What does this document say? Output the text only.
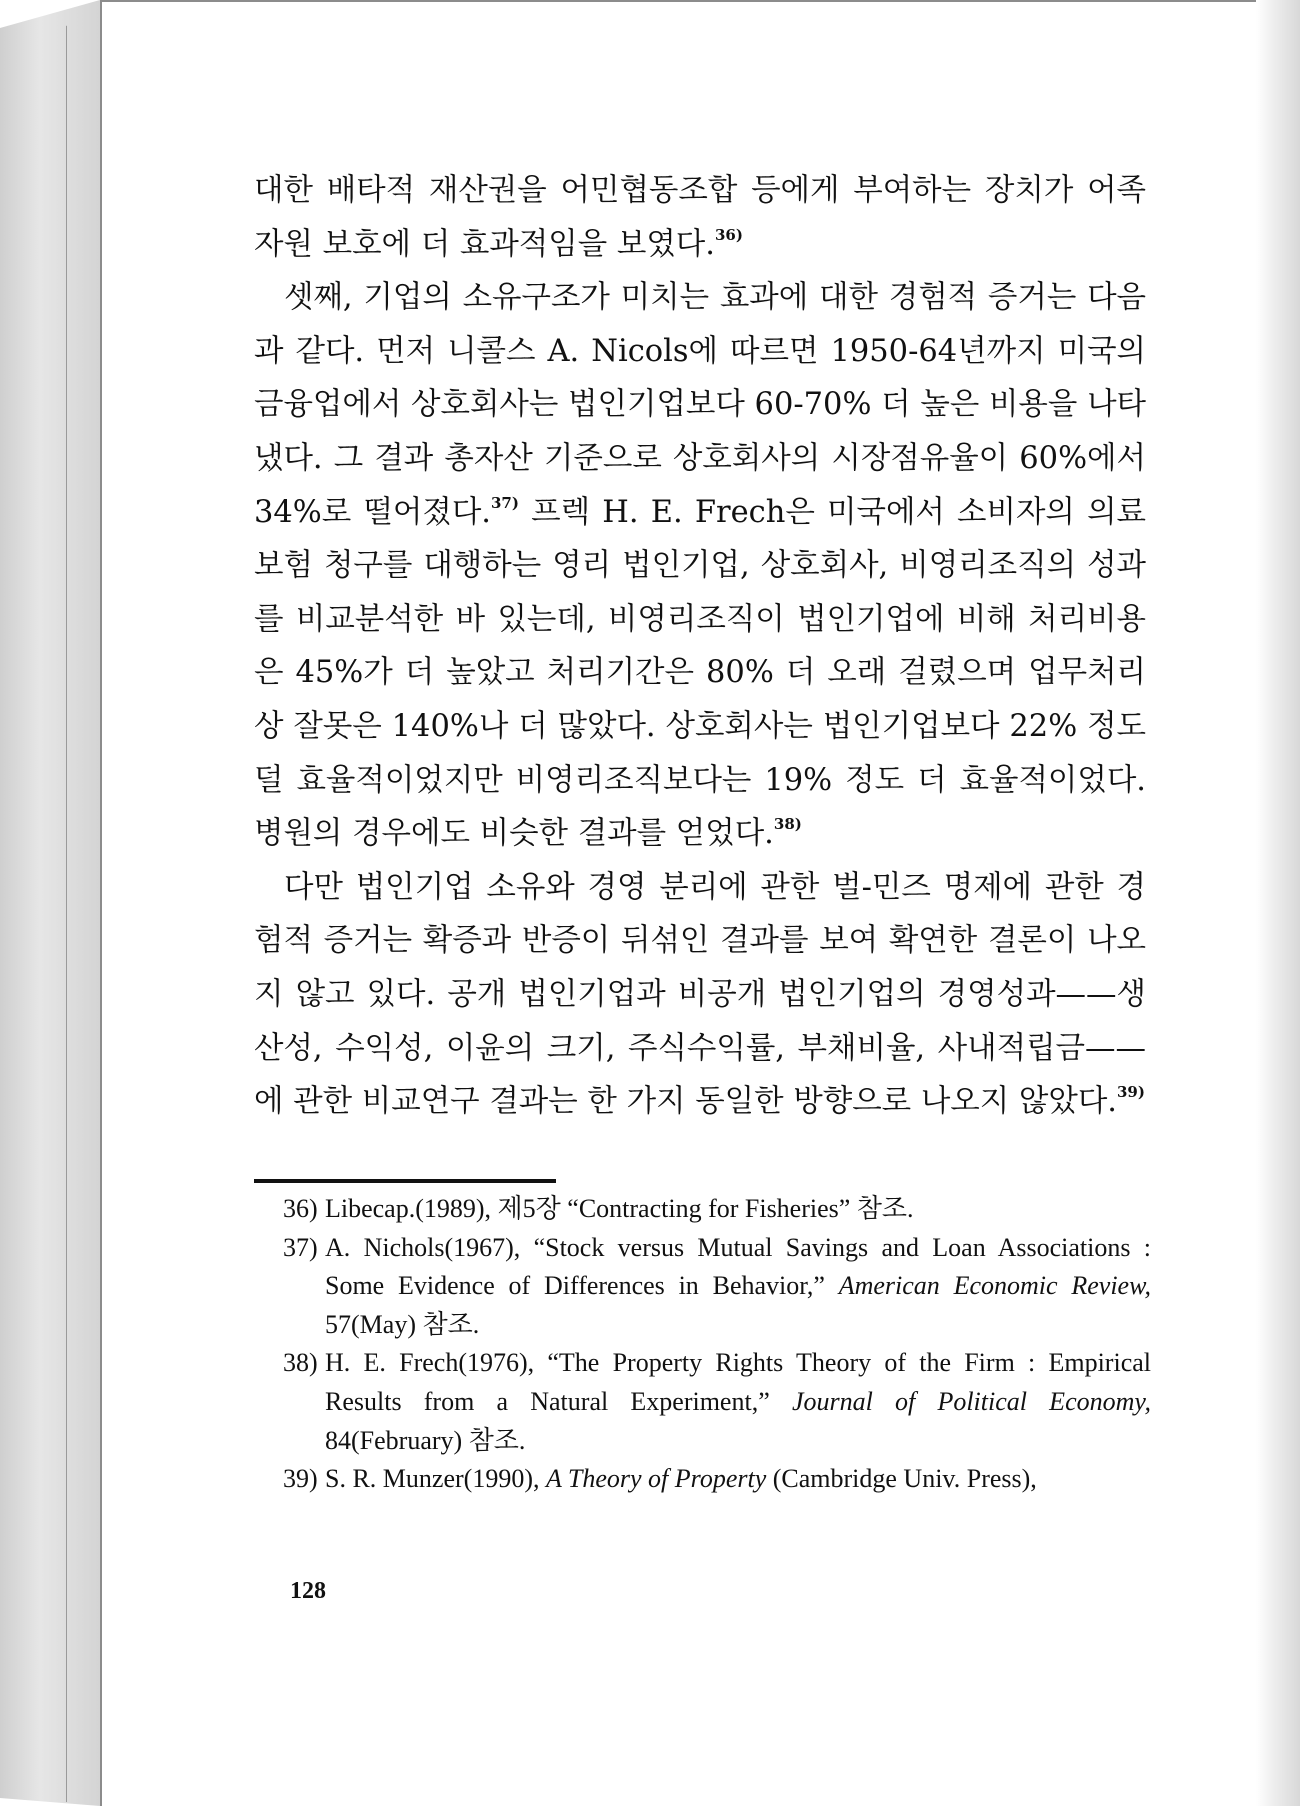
대한 배타적 재산권을 어민협동조합 등에게 부여하는 장치가 어족자원 보호에 더 효과적임을 보였다.$^{36)}$

셋째, 기업의 소유구조가 미치는 효과에 대한 경험적 증거는 다음과 같다. 먼저 니콜스 A. Nicols에 따르면 1950-64년까지 미국의 금융업에서 상호회사는 법인기업보다 60-70% 더 높은 비용을 나타냈다. 그 결과 총자산 기준으로 상호회사의 시장점유율이 60%에서 34%로 떨어졌다.$^{37)}$ 프렉 H. E. Frech은 미국에서 소비자의 의료보험 청구를 대행하는 영리 법인기업, 상호회사, 비영리조직의 성과를 비교분석한 바 있는데, 비영리조직이 법인기업에 비해 처리비용은 45%가 더 높았고 처리기간은 80% 더 오래 걸렸으며 업무처리상 잘못은 140%나 더 많았다. 상호회사는 법인기업보다 22% 정도 덜 효율적이었지만 비영리조직보다는 19% 정도 더 효율적이었다. 병원의 경우에도 비슷한 결과를 얻었다.$^{38)}$

다만 법인기업 소유와 경영 분리에 관한 벌-민즈 명제에 관한 경험적 증거는 확증과 반증이 뒤섞인 결과를 보여 확연한 결론이 나오지 않고 있다. 공개 법인기업과 비공개 법인기업의 경영성과——생산성, 수익성, 이윤의 크기, 주식수익률, 부채비율, 사내적립금——에 관한 비교연구 결과는 한 가지 동일한 방향으로 나오지 않았다.$^{39)}$

36) Libecap.(1989), 제5장 “Contracting for Fisheries” 참조.
37) A. Nichols(1967), “Stock versus Mutual Savings and Loan Associations : Some Evidence of Differences in Behavior,” American Economic Review, 57(May) 참조.
38) H. E. Frech(1976), “The Property Rights Theory of the Firm : Empirical Results from a Natural Experiment,” Journal of Political Economy, 84(February) 참조.
39) S. R. Munzer(1990), A Theory of Property (Cambridge Univ. Press),
128
